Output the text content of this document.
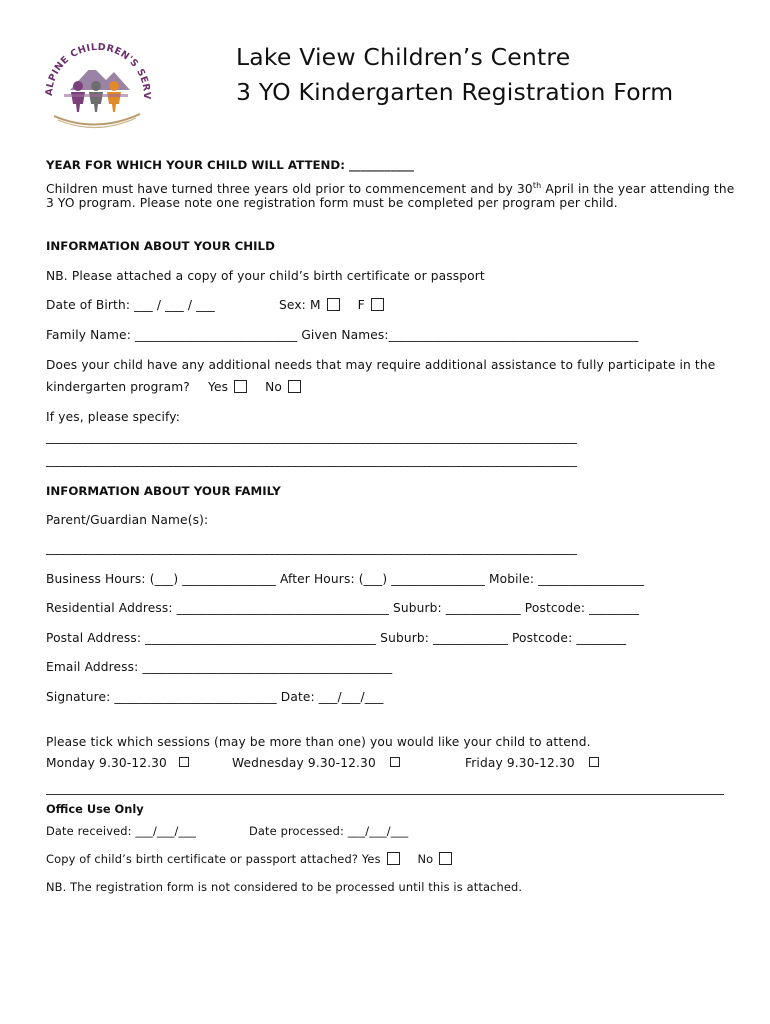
ALPINE CHILDREN'S SERV
Lake View Children’s Centre
3 YO Kindergarten Registration Form
YEAR FOR WHICH YOUR CHILD WILL ATTEND: ___________
Children must have turned three years old prior to commencement and by 30th April in the year attending the
3 YO program. Please note one registration form must be completed per program per child.
INFORMATION ABOUT YOUR CHILD
NB. Please attached a copy of your child’s birth certificate or passport
Date of Birth: ___ / ___ / ___	Sex: M	F
Family Name: __________________________ Given Names:________________________________________
Does your child have any additional needs that may require additional assistance to fully participate in the
kindergarten program? Yes	No
If yes, please specify:
______________________________________________________________________________________________
______________________________________________________________________________________________
INFORMATION ABOUT YOUR FAMILY
Parent/Guardian Name(s):
______________________________________________________________________________________________
Business Hours: (___) _______________ After Hours: (___) _______________ Mobile: _________________
Residential Address: __________________________________ Suburb: ____________ Postcode: ________
Postal Address: _____________________________________ Suburb: ____________ Postcode: ________
Email Address: ________________________________________
Signature: __________________________ Date: ___/___/___
Please tick which sessions (may be more than one) you would like your child to attend.
Monday 9.30-12.30	Wednesday 9.30-12.30	Friday 9.30-12.30
Office Use Only
Date received: ___/___/___	Date processed: ___/___/___
Copy of child’s birth certificate or passport attached? Yes	No
NB. The registration form is not considered to be processed until this is attached.
